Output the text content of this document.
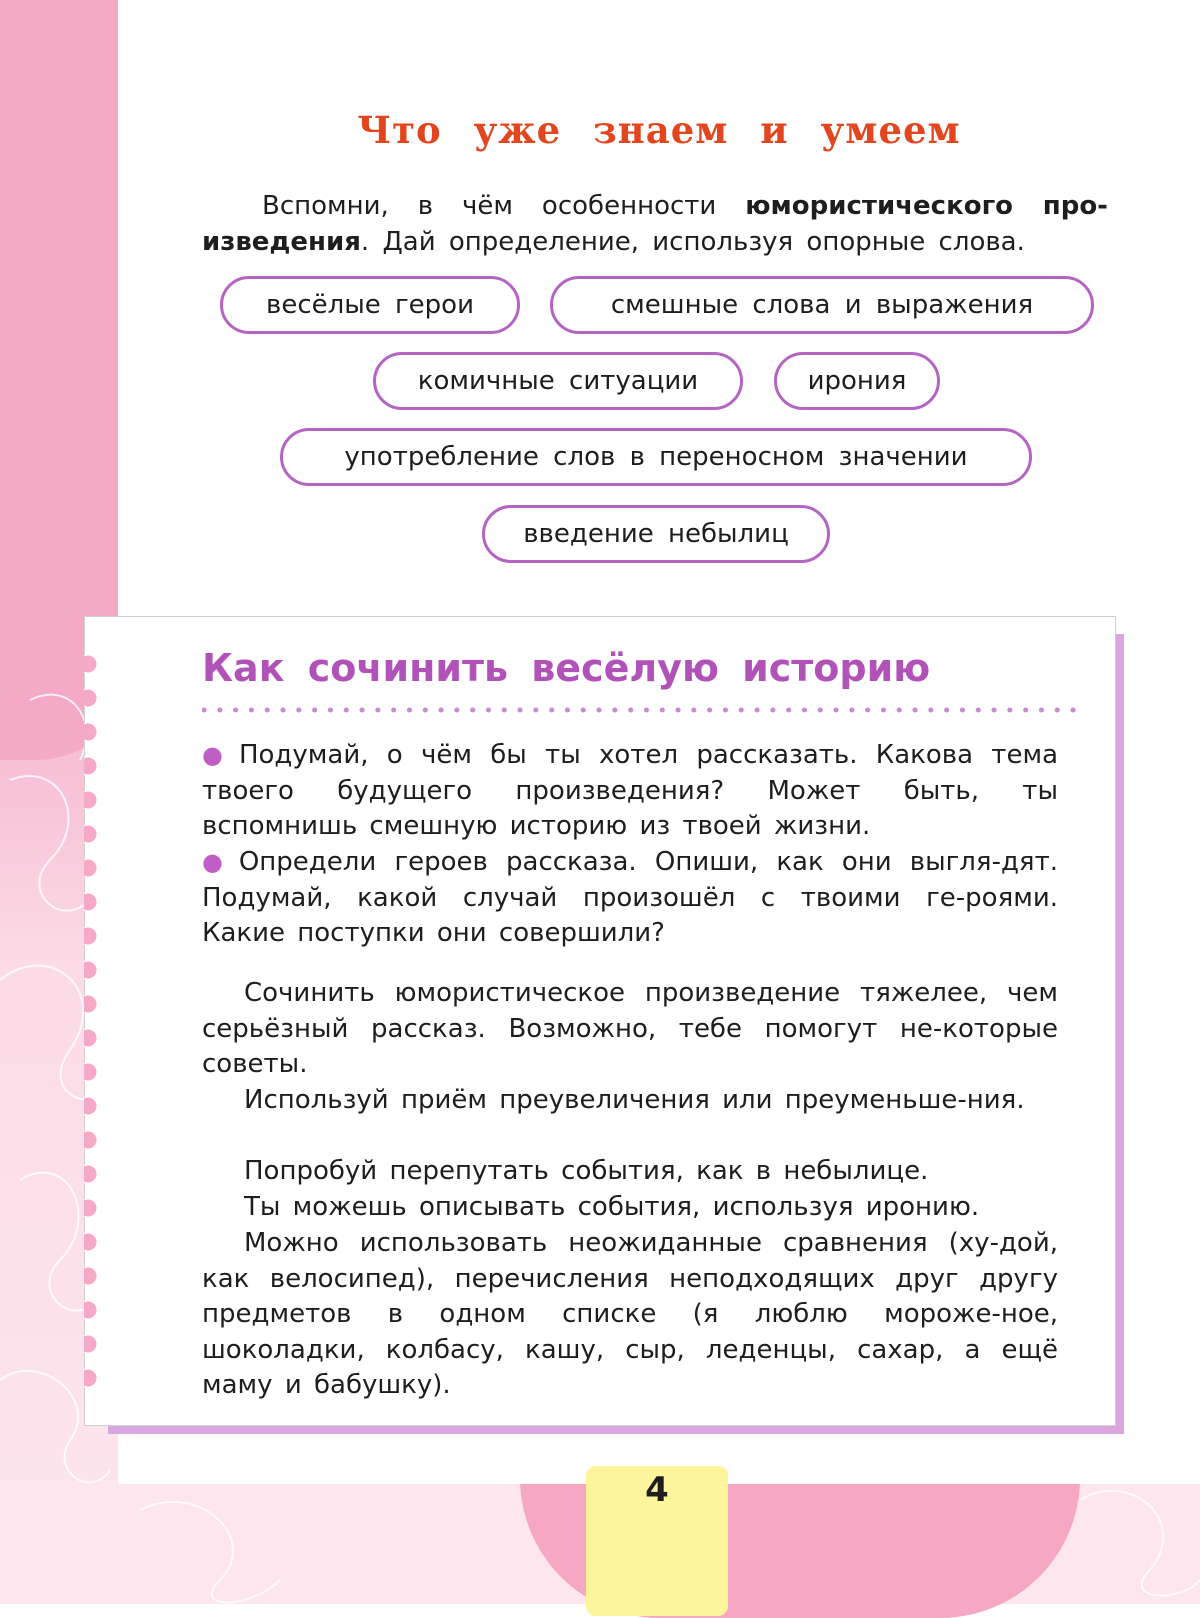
Что уже знаем и умеем

Вспомни, в чём особенности юмористического про- изведения. Дай определение, используя опорные слова.

весёлые герои	смешные слова и выражения
комичные ситуации	ирония
употребление слов в переносном значении
введение небылиц
Как сочинить весёлую историю

● Подумай, о чём бы ты хотел рассказать. Какова тема твоего будущего произведения? Может быть, ты вспомнишь смешную историю из твоей жизни.

● Определи героев рассказа. Опиши, как они выгля-дят. Подумай, какой случай произошёл с твоими ге-роями. Какие поступки они совершили?

Сочинить юмористическое произведение тяжелее, чем серьёзный рассказ. Возможно, тебе помогут не-которые советы.

Используй приём преувеличения или преуменьше-ния.

Попробуй перепутать события, как в небылице.

Ты можешь описывать события, используя иронию.

Можно использовать неожиданные сравнения (ху-дой, как велосипед), перечисления неподходящих друг другу предметов в одном списке (я люблю мороже-ное, шоколадки, колбасу, кашу, сыр, леденцы, сахар, а ещё маму и бабушку).

4
